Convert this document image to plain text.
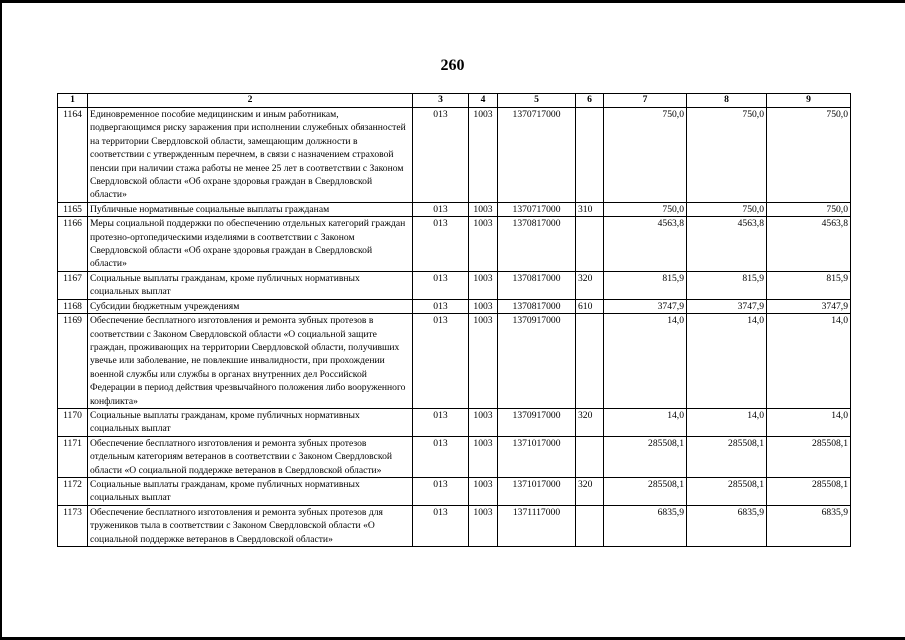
260
1	2	3	4	5	6	7	8	9
1164	Единовременное пособие медицинским и иным работникам, подвергающимся риску заражения при исполнении служебных обязанностей на территории Свердловской области, замещающим должности в соответствии с утвержденным перечнем, в связи с назначением страховой пенсии при наличии стажа работы не менее 25 лет в соответствии с Законом Свердловской области «Об охране здоровья граждан в Свердловской области»	013	1003	1370717000		750,0	750,0	750,0
1165	Публичные нормативные социальные выплаты гражданам	013	1003	1370717000	310	750,0	750,0	750,0
1166	Меры социальной поддержки по обеспечению отдельных категорий граждан протезно-ортопедическими изделиями в соответствии с Законом Свердловской области «Об охране здоровья граждан в Свердловской области»	013	1003	1370817000		4563,8	4563,8	4563,8
1167	Социальные выплаты гражданам, кроме публичных нормативных социальных выплат	013	1003	1370817000	320	815,9	815,9	815,9
1168	Субсидии бюджетным учреждениям	013	1003	1370817000	610	3747,9	3747,9	3747,9
1169	Обеспечение бесплатного изготовления и ремонта зубных протезов в соответствии с Законом Свердловской области «О социальной защите граждан, проживающих на территории Свердловской области, получивших увечье или заболевание, не повлекшие инвалидности, при прохождении военной службы или службы в органах внутренних дел Российской Федерации в период действия чрезвычайного положения либо вооруженного конфликта»	013	1003	1370917000		14,0	14,0	14,0
1170	Социальные выплаты гражданам, кроме публичных нормативных социальных выплат	013	1003	1370917000	320	14,0	14,0	14,0
1171	Обеспечение бесплатного изготовления и ремонта зубных протезов отдельным категориям ветеранов в соответствии с Законом Свердловской области «О социальной поддержке ветеранов в Свердловской области»	013	1003	1371017000		285508,1	285508,1	285508,1
1172	Социальные выплаты гражданам, кроме публичных нормативных социальных выплат	013	1003	1371017000	320	285508,1	285508,1	285508,1
1173	Обеспечение бесплатного изготовления и ремонта зубных протезов для тружеников тыла в соответствии с Законом Свердловской области «О социальной поддержке ветеранов в Свердловской области»	013	1003	1371117000		6835,9	6835,9	6835,9
